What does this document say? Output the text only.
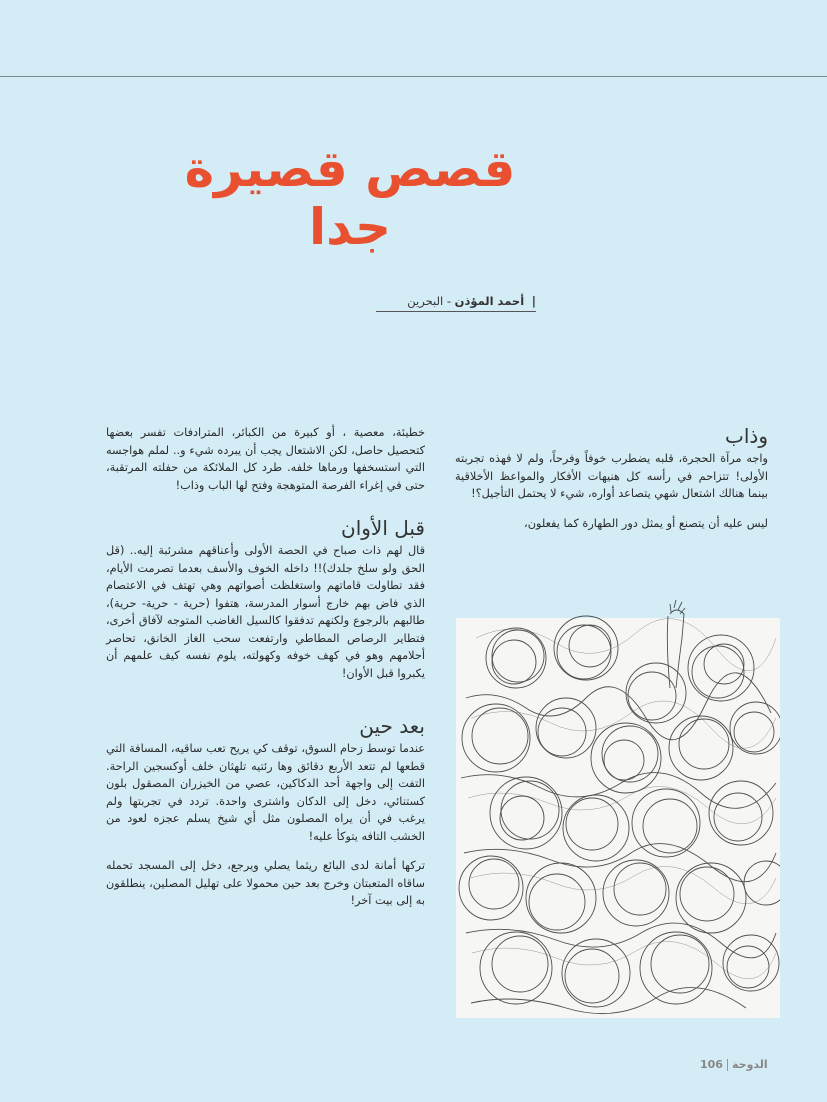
قصص قصيرة جدا
| أحمد المؤذن - البحرين
وذاب

واجه مرآة الحجرة، قلبه يضطرب خوفاً وفرحاً، ولم لا فهذه تجربته الأولى! تتزاحم في رأسه كل هنيهات الأفكار والمواعظ الأخلاقية بينما هنالك اشتعال شهي يتصاعد أواره، شيء لا يحتمل التأجيل؟!

ليس عليه أن يتصنع أو يمثل دور الطهارة كما يفعلون،

خطيئة، معصية ، أو كبيرة من الكبائر، المترادفات تفسر بعضها كتحصيل حاصل، لكن الاشتعال يجب أن يبرده شيء و.. لملم هواجسه التي استسخفها ورماها خلفه. طرد كل الملائكة من حفلته المرتقبة، حتى في إغراء الفرصة المتوهجة وفتح لها الباب وذاب!

قبل الأوان

قال لهم ذات صباح في الحصة الأولى وأعناقهم مشرئبة إليه.. (قل الحق ولو سلخ جلدك)!! داخله الخوف والأسف بعدما تصرمت الأيام، فقد تطاولت قاماتهم واستغلظت أصواتهم وهي تهتف في الاعتصام الذي فاض بهم خارج أسوار المدرسة، هتفوا (حرية - حرية- حرية)، طالبهم بالرجوع ولكنهم تدفقوا كالسيل الغاضب المتوجه لآفاق أخرى، فتطاير الرصاص المطاطي وارتفعت سحب الغاز الخانق، تحاصر أحلامهم وهو في كهف خوفه وكهولته، يلوم نفسه كيف علمهم أن يكبروا قبل الأوان!

بعد حين

عندما توسط زحام السوق، توقف كي يريح تعب ساقيه، المسافة التي قطعها لم تتعد الأربع دقائق وها رئتيه تلهثان خلف أوكسجين الراحة. التفت إلى واجهة أحد الدكاكين، عصي من الخيزران المصقول بلون كستنائي، دخل إلى الدكان واشترى واحدة. تردد في تجربتها ولم يرغب في أن يراه المصلون مثل أي شيخ يسلم عجزه لعود من الخشب التافه يتوكأ عليه!

تركها أمانة لدى البائع ريثما يصلي ويرجع، دخل إلى المسجد تحمله ساقاه المتعبتان وخرج بعد حين محمولا على تهليل المصلين، ينطلقون به إلى بيت آخر!

الدوحة106
